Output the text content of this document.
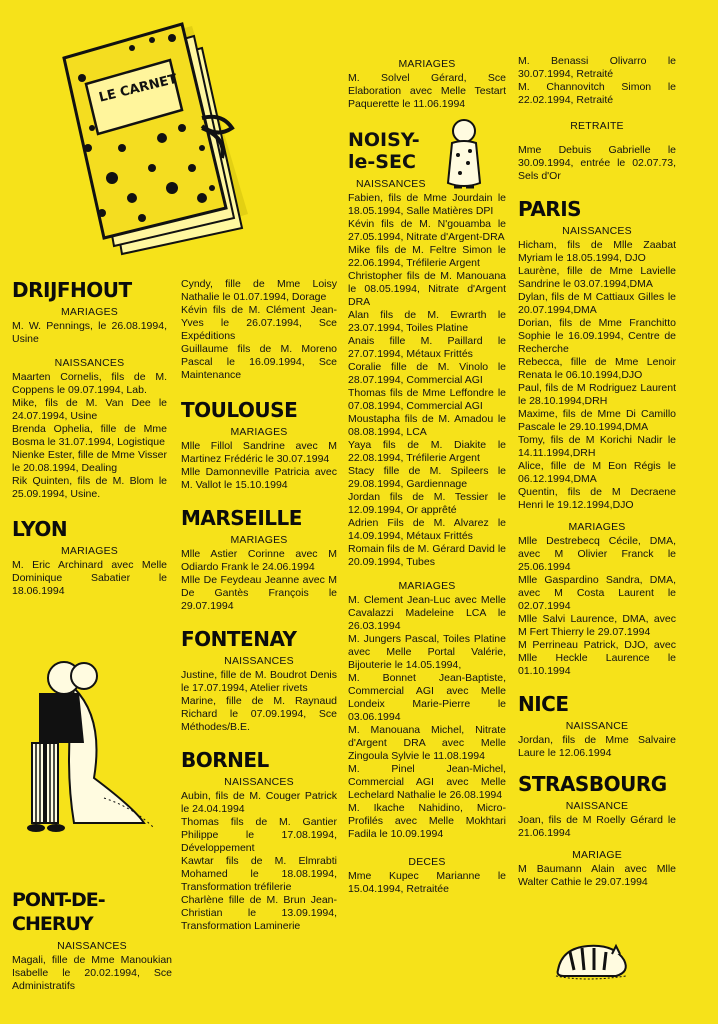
LE CARNET
DRIJFHOUT
MARIAGES

M. W. Pennings, le 26.08.1994, Usine

NAISSANCES

Maarten Cornelis, fils de M. Coppens le 09.07.1994, Lab.

Mike, fils de M. Van Dee le 24.07.1994, Usine

Brenda Ophelia, fille de Mme Bosma le 31.07.1994, Logistique

Nienke Ester, fille de Mme Visser le 20.08.1994, Dealing

Rik Quinten, fils de M. Blom le 25.09.1994, Usine.

LYON
MARIAGES

M. Eric Archinard avec Melle Dominique Sabatier le 18.06.1994

PONT-DE-CHERUY
NAISSANCES

Magali, fille de Mme Manoukian Isabelle le 20.02.1994, Sce Administratifs

Cyndy, fille de Mme Loisy Nathalie le 01.07.1994, Dorage

Kévin fils de M. Clément Jean-Yves le 26.07.1994, Sce Expéditions

Guillaume fils de M. Moreno Pascal le 16.09.1994, Sce Maintenance

TOULOUSE
MARIAGES

Mlle Fillol Sandrine avec M Martinez Frédéric le 30.07.1994

Mlle Damonneville Patricia avec M. Vallot le 15.10.1994

MARSEILLE
MARIAGES

Mlle Astier Corinne avec M Odiardo Frank le 24.06.1994

Mlle De Feydeau Jeanne avec M De Gantès François le 29.07.1994

FONTENAY
NAISSANCES

Justine, fille de M. Boudrot Denis le 17.07.1994, Atelier rivets

Marine, fille de M. Raynaud Richard le 07.09.1994, Sce Méthodes/B.E.

BORNEL
NAISSANCES

Aubin, fils de M. Couger Patrick le 24.04.1994

Thomas fils de M. Gantier Philippe le 17.08.1994, Développement

Kawtar fils de M. Elmrabti Mohamed le 18.08.1994, Transformation tréfilerie

Charlène fille de M. Brun Jean-Christian le 13.09.1994, Transformation Laminerie

MARIAGES

M. Solvel Gérard, Sce Elaboration avec Melle Testart Paquerette le 11.06.1994

NOISY-
le-SEC
NAISSANCES

Fabien, fils de Mme Jourdain le 18.05.1994, Salle Matières DPI

Kévin fils de M. N'gouamba le 27.05.1994, Nitrate d'Argent-DRA

Mike fils de M. Feltre Simon le 22.06.1994, Tréfilerie Argent

Christopher fils de M. Manouana le 08.05.1994, Nitrate d'Argent DRA

Alan fils de M. Ewrarth le 23.07.1994, Toiles Platine

Anais fille M. Paillard le 27.07.1994, Métaux Frittés

Coralie fille de M. Vinolo le 28.07.1994, Commercial AGI

Thomas fils de Mme Leffondre le 07.08.1994, Commercial AGI

Moustapha fils de M. Amadou le 08.08.1994, LCA

Yaya fils de M. Diakite le 22.08.1994, Tréfilerie Argent

Stacy fille de M. Spileers le 29.08.1994, Gardiennage

Jordan fils de M. Tessier le 12.09.1994, Or apprêté

Adrien Fils de M. Alvarez le 14.09.1994, Métaux Frittés

Romain fils de M. Gérard David le 20.09.1994, Tubes

MARIAGES

M. Clement Jean-Luc avec Melle Cavalazzi Madeleine LCA le 26.03.1994

M. Jungers Pascal, Toiles Platine avec Melle Portal Valérie, Bijouterie le 14.05.1994,

M. Bonnet Jean-Baptiste, Commercial AGI avec Melle Londeix Marie-Pierre le 03.06.1994

M. Manouana Michel, Nitrate d'Argent DRA avec Melle Zingoula Sylvie le 11.08.1994

M. Pinel Jean-Michel, Commercial AGI avec Melle Lechelard Nathalie le 26.08.1994

M. Ikache Nahidino, Micro-Profilés avec Melle Mokhtari Fadila le 10.09.1994

DECES

Mme Kupec Marianne le 15.04.1994, Retraitée

M. Benassi Olivarro le 30.07.1994, Retraité

M. Channovitch Simon le 22.02.1994, Retraité

RETRAITE

Mme Debuis Gabrielle le 30.09.1994, entrée le 02.07.73, Sels d'Or

PARIS
NAISSANCES

Hicham, fils de Mlle Zaabat Myriam le 18.05.1994, DJO

Laurène, fille de Mme Lavielle Sandrine le 03.07.1994,DMA

Dylan, fils de M Cattiaux Gilles le 20.07.1994,DMA

Dorian, fils de Mme Franchitto Sophie le 16.09.1994, Centre de Recherche

Rebecca, fille de Mme Lenoir Renata le 06.10.1994,DJO

Paul, fils de M Rodriguez Laurent le 28.10.1994,DRH

Maxime, fils de Mme Di Camillo Pascale le 29.10.1994,DMA

Tomy, fils de M Korichi Nadir le 14.11.1994,DRH

Alice, fille de M Eon Régis le 06.12.1994,DMA

Quentin, fils de M Decraene Henri le 19.12.1994,DJO

MARIAGES

Mlle Destrebecq Cécile, DMA, avec M Olivier Franck le 25.06.1994

Mlle Gaspardino Sandra, DMA, avec M Costa Laurent le 02.07.1994

Mlle Salvi Laurence, DMA, avec M Fert Thierry le 29.07.1994

M Perrineau Patrick, DJO, avec Mlle Heckle Laurence le 01.10.1994

NICE
NAISSANCE

Jordan, fils de Mme Salvaire Laure le 12.06.1994

STRASBOURG
NAISSANCE

Joan, fils de M Roelly Gérard le 21.06.1994

MARIAGE

M Baumann Alain avec Mlle Walter Cathie le 29.07.1994
